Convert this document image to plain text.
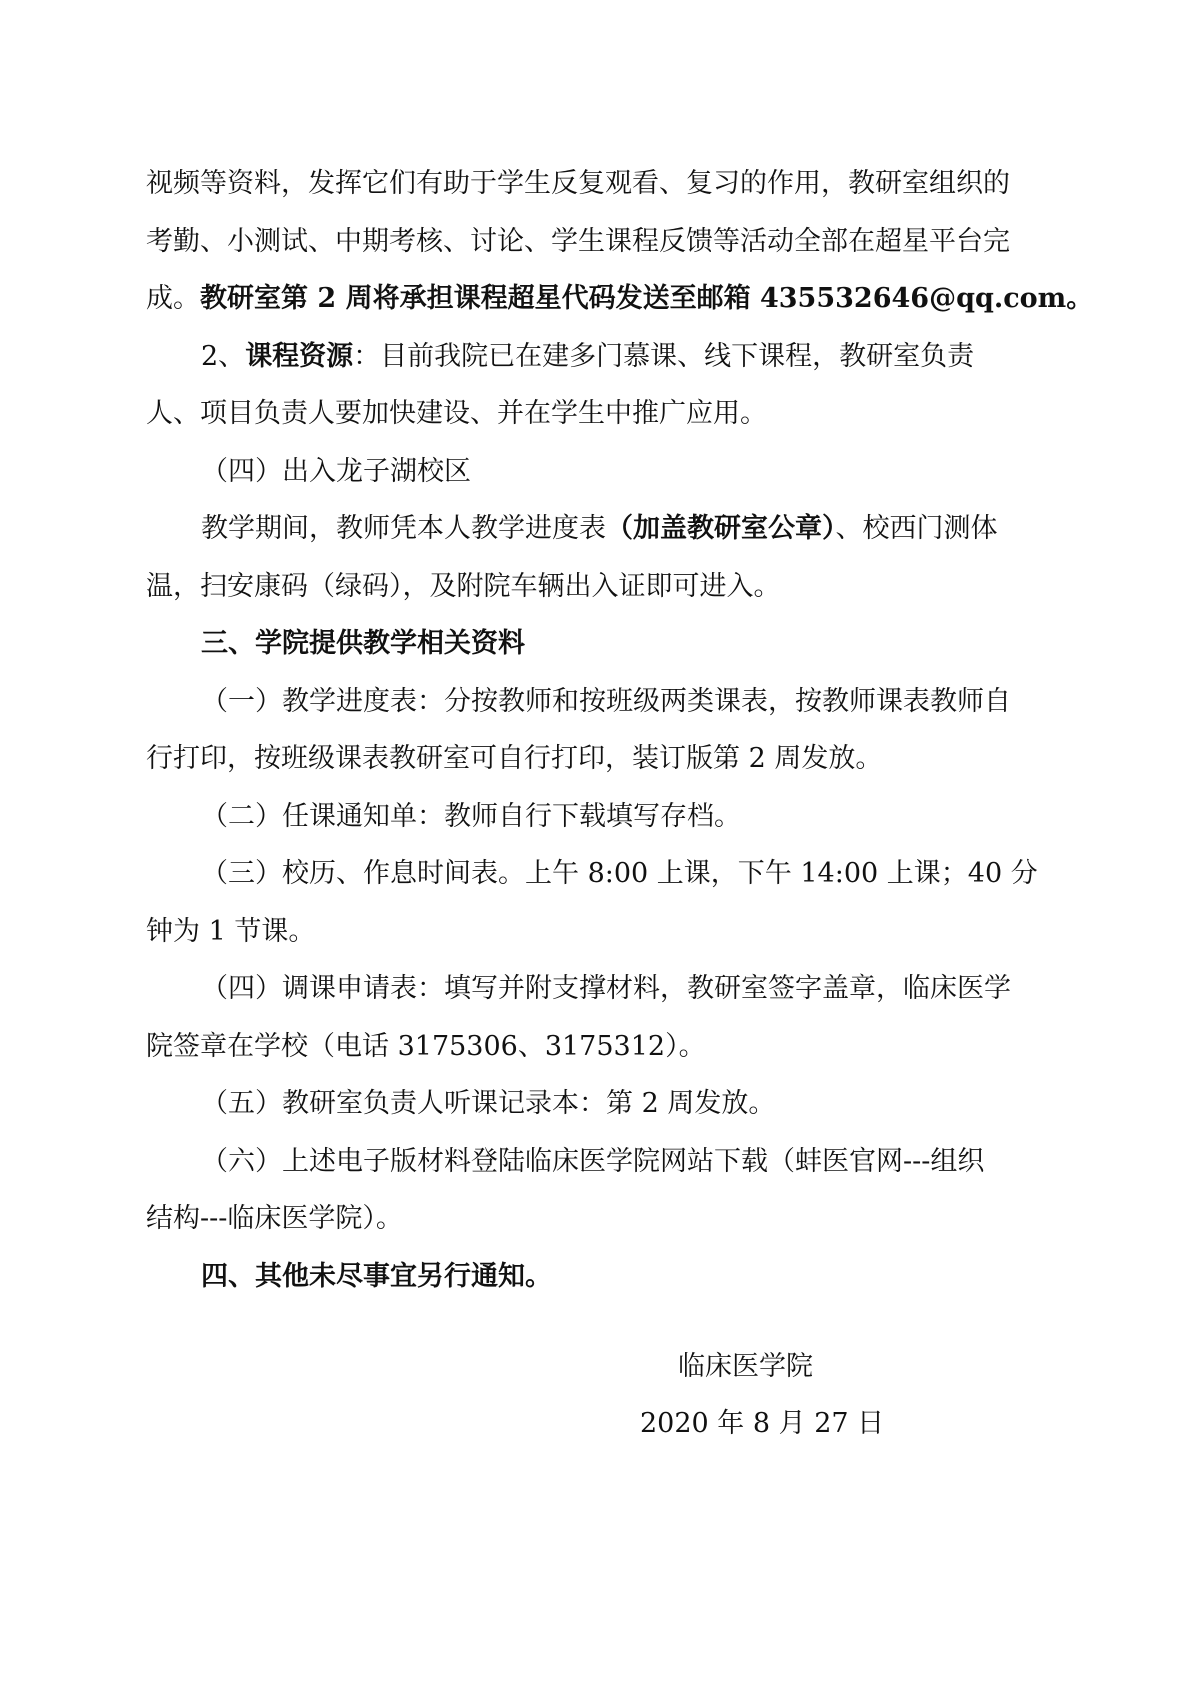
视频等资料，发挥它们有助于学生反复观看、复习的作用，教研室组织的

考勤、小测试、中期考核、讨论、学生课程反馈等活动全部在超星平台完

成。教研室第 2 周将承担课程超星代码发送至邮箱 435532646@qq.com。

2、课程资源：目前我院已在建多门慕课、线下课程，教研室负责

人、项目负责人要加快建设、并在学生中推广应用。

（四）出入龙子湖校区

教学期间，教师凭本人教学进度表（加盖教研室公章）、校西门测体

温，扫安康码（绿码），及附院车辆出入证即可进入。

三、学院提供教学相关资料

（一）教学进度表：分按教师和按班级两类课表，按教师课表教师自

行打印，按班级课表教研室可自行打印，装订版第 2 周发放。

（二）任课通知单：教师自行下载填写存档。

（三）校历、作息时间表。上午 8:00 上课，下午 14:00 上课；40 分

钟为 1 节课。

（四）调课申请表：填写并附支撑材料，教研室签字盖章，临床医学

院签章在学校（电话 3175306、3175312）。

（五）教研室负责人听课记录本：第 2 周发放。

（六）上述电子版材料登陆临床医学院网站下载（蚌医官网---组织

结构---临床医学院）。

四、其他未尽事宜另行通知。

临床医学院
2020 年 8 月 27 日
